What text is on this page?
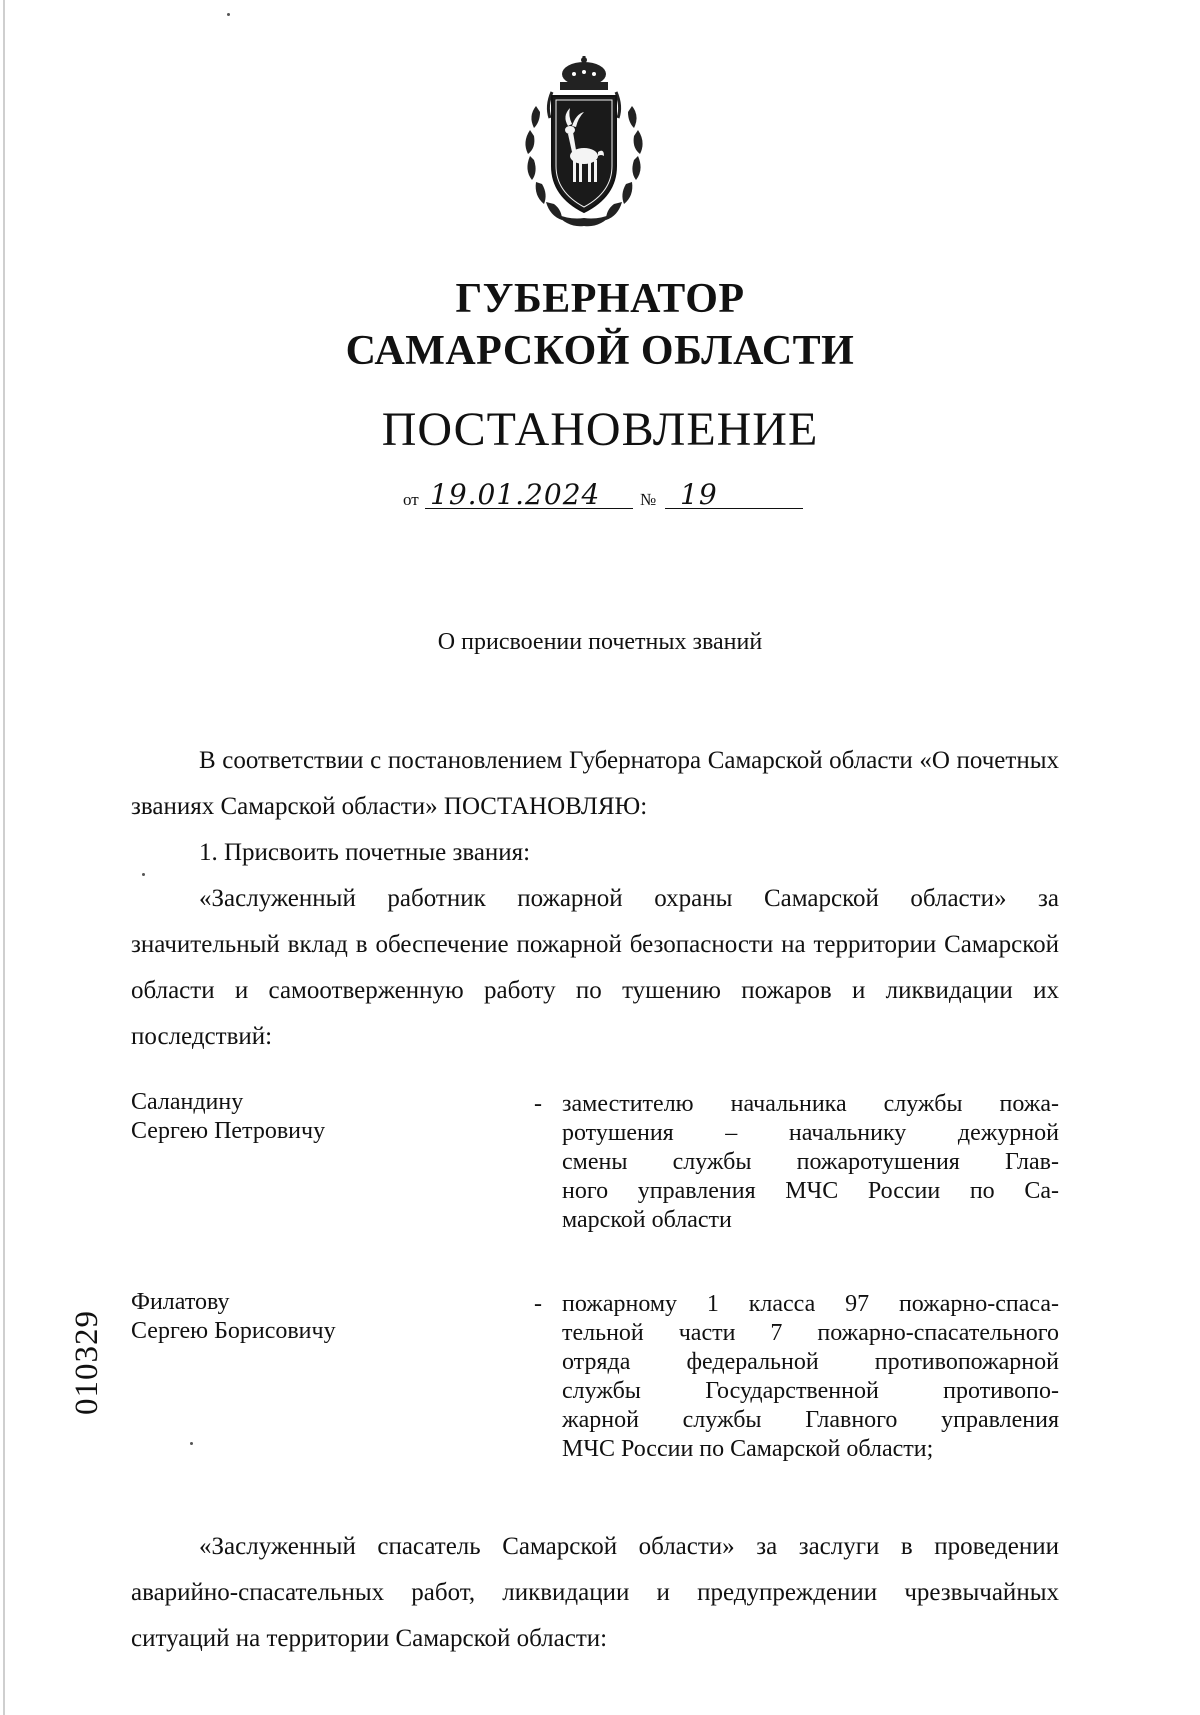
ГУБЕРНАТОР
САМАРСКОЙ ОБЛАСТИ
ПОСТАНОВЛЕНИЕ
от 19.01.2024 № 19
О присвоении почетных званий
В соответствии с постановлением Губернатора Самарской области «О почетных званиях Самарской области» ПОСТАНОВЛЯЮ:
1. Присвоить почетные звания:
«Заслуженный работник пожарной охраны Самарской области» за значительный вклад в обеспечение пожарной безопасности на территории Самарской области и самоотверженную работу по тушению пожаров и ликвидации их последствий:
Саландину
Сергею Петровичу
- заместителю начальника службы пожа-
ротушения – начальнику дежурной
смены службы пожаротушения Глав-
ного управления МЧС России по Са-
марской области
Филатову
Сергею Борисовичу
- пожарному 1 класса 97 пожарно-спаса-
тельной части 7 пожарно-спасательного
отряда федеральной противопожарной
службы Государственной противопо-
жарной службы Главного управления
МЧС России по Самарской области;
«Заслуженный спасатель Самарской области» за заслуги в проведении аварийно-спасательных работ, ликвидации и предупреждении чрезвычайных ситуаций на территории Самарской области:
010329
